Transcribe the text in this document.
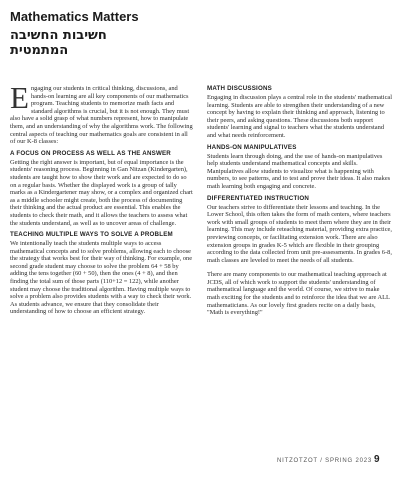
Mathematics Matters
חשיבות החשיבה המתמטית

E ngaging our students in critical thinking, discussions, and hands-on learning are all key components of our mathematics program. Teaching students to memorize math facts and standard algorithms is crucial, but it is not enough. They must also have a solid grasp of what numbers represent, how to manipulate them, and an understanding of why the algorithms work. The following central aspects of teaching our mathematics goals are consistent in all of our K-8 classes:

A FOCUS ON PROCESS AS WELL AS THE ANSWER

Getting the right answer is important, but of equal importance is the students' reasoning process. Beginning in Gan Nitzan (Kindergarten), students are taught how to show their work and are expected to do so on a regular basis. Whether the displayed work is a group of tally marks as a Kindergartener may show, or a complex and organized chart as a middle schooler might create, both the process of documenting their thinking and the actual product are essential. This enables the students to check their math, and it allows the teachers to assess what the students understand, as well as to uncover areas of challenge.

TEACHING MULTIPLE WAYS TO SOLVE A PROBLEM

We intentionally teach the students multiple ways to access mathematical concepts and to solve problems, allowing each to choose the strategy that works best for their way of thinking. For example, one second grade student may choose to solve the problem 64 + 58 by adding the tens together (60 + 50), then the ones (4 + 8), and then finding the total sum of those parts (110+12 = 122), while another student may choose the traditional algorithm. Having multiple ways to solve a problem also provides students with a way to check their work. As students advance, we ensure that they consolidate their understanding of how to choose an efficient strategy.

MATH DISCUSSIONS

Engaging in discussion plays a central role in the students' mathematical learning. Students are able to strengthen their understanding of a new concept by having to explain their thinking and approach, listening to their peers, and asking questions. These discussions both support students' learning and signal to teachers what the students understand and what needs reinforcement.

HANDS-ON MANIPULATIVES

Students learn through doing, and the use of hands-on manipulatives help students understand mathematical concepts and skills. Manipulatives allow students to visualize what is happening with numbers, to see patterns, and to test and prove their ideas. It also makes math learning both engaging and concrete.

DIFFERENTIATED INSTRUCTION

Our teachers strive to differentiate their lessons and teaching. In the Lower School, this often takes the form of math centers, where teachers work with small groups of students to meet them where they are in their learning. This may include reteaching material, providing extra practice, previewing concepts, or facilitating extension work. There are also extension groups in grades K-5 which are flexible in their grouping according to the data collected from unit pre-assessments. In grades 6-8, math classes are leveled to meet the needs of all students.

There are many components to our mathematical teaching approach at JCDS, all of which work to support the students' understanding of mathematical language and the world. Of course, we strive to make math exciting for the students and to reinforce the idea that we are ALL mathematicians. As our lovely first graders recite on a daily basis, "Math is everything!"

NITZOTZOT / SPRING 2023 9
